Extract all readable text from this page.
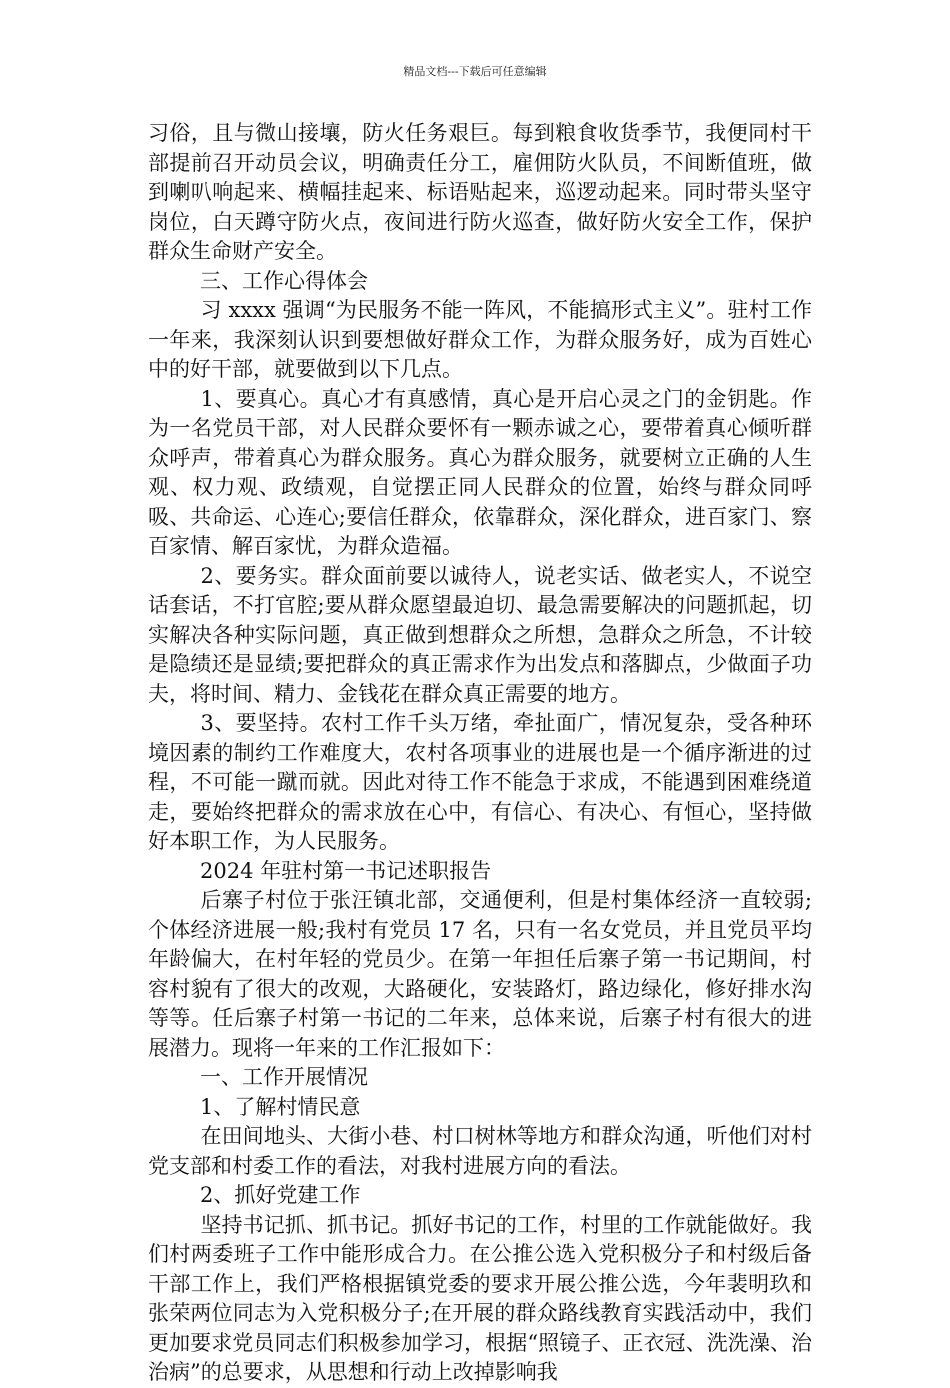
精品文档---下载后可任意编辑

习俗，且与微山接壤，防火任务艰巨。每到粮食收货季节，我便同村干部提前召开动员会议，明确责任分工，雇佣防火队员，不间断值班，做到喇叭响起来、横幅挂起来、标语贴起来，巡逻动起来。同时带头坚守岗位，白天蹲守防火点，夜间进行防火巡查，做好防火安全工作，保护群众生命财产安全。

三、工作心得体会

习 xxxx 强调“为民服务不能一阵风，不能搞形式主义”。驻村工作一年来，我深刻认识到要想做好群众工作，为群众服务好，成为百姓心中的好干部，就要做到以下几点。

1、要真心。真心才有真感情，真心是开启心灵之门的金钥匙。作为一名党员干部，对人民群众要怀有一颗赤诚之心，要带着真心倾听群众呼声，带着真心为群众服务。真心为群众服务，就要树立正确的人生观、权力观、政绩观，自觉摆正同人民群众的位置，始终与群众同呼吸、共命运、心连心;要信任群众，依靠群众，深化群众，进百家门、察百家情、解百家忧，为群众造福。

2、要务实。群众面前要以诚待人，说老实话、做老实人，不说空话套话，不打官腔;要从群众愿望最迫切、最急需要解决的问题抓起，切实解决各种实际问题，真正做到想群众之所想，急群众之所急，不计较是隐绩还是显绩;要把群众的真正需求作为出发点和落脚点，少做面子功夫，将时间、精力、金钱花在群众真正需要的地方。

3、要坚持。农村工作千头万绪，牵扯面广，情况复杂，受各种环境因素的制约工作难度大，农村各项事业的进展也是一个循序渐进的过程，不可能一蹴而就。因此对待工作不能急于求成，不能遇到困难绕道走，要始终把群众的需求放在心中，有信心、有决心、有恒心，坚持做好本职工作，为人民服务。

2024 年驻村第一书记述职报告

后寨子村位于张汪镇北部，交通便利，但是村集体经济一直较弱;个体经济进展一般;我村有党员 17 名，只有一名女党员，并且党员平均年龄偏大，在村年轻的党员少。在第一年担任后寨子第一书记期间，村容村貌有了很大的改观，大路硬化，安装路灯，路边绿化，修好排水沟等等。任后寨子村第一书记的二年来，总体来说，后寨子村有很大的进展潜力。现将一年来的工作汇报如下：

一、工作开展情况

1、了解村情民意

在田间地头、大街小巷、村口树林等地方和群众沟通，听他们对村党支部和村委工作的看法，对我村进展方向的看法。

2、抓好党建工作

坚持书记抓、抓书记。抓好书记的工作，村里的工作就能做好。我们村两委班子工作中能形成合力。在公推公选入党积极分子和村级后备干部工作上，我们严格根据镇党委的要求开展公推公选，今年裴明玖和张荣两位同志为入党积极分子;在开展的群众路线教育实践活动中，我们更加要求党员同志们积极参加学习，根据“照镜子、正衣冠、洗洗澡、治治病”的总要求，从思想和行动上改掉影响我
